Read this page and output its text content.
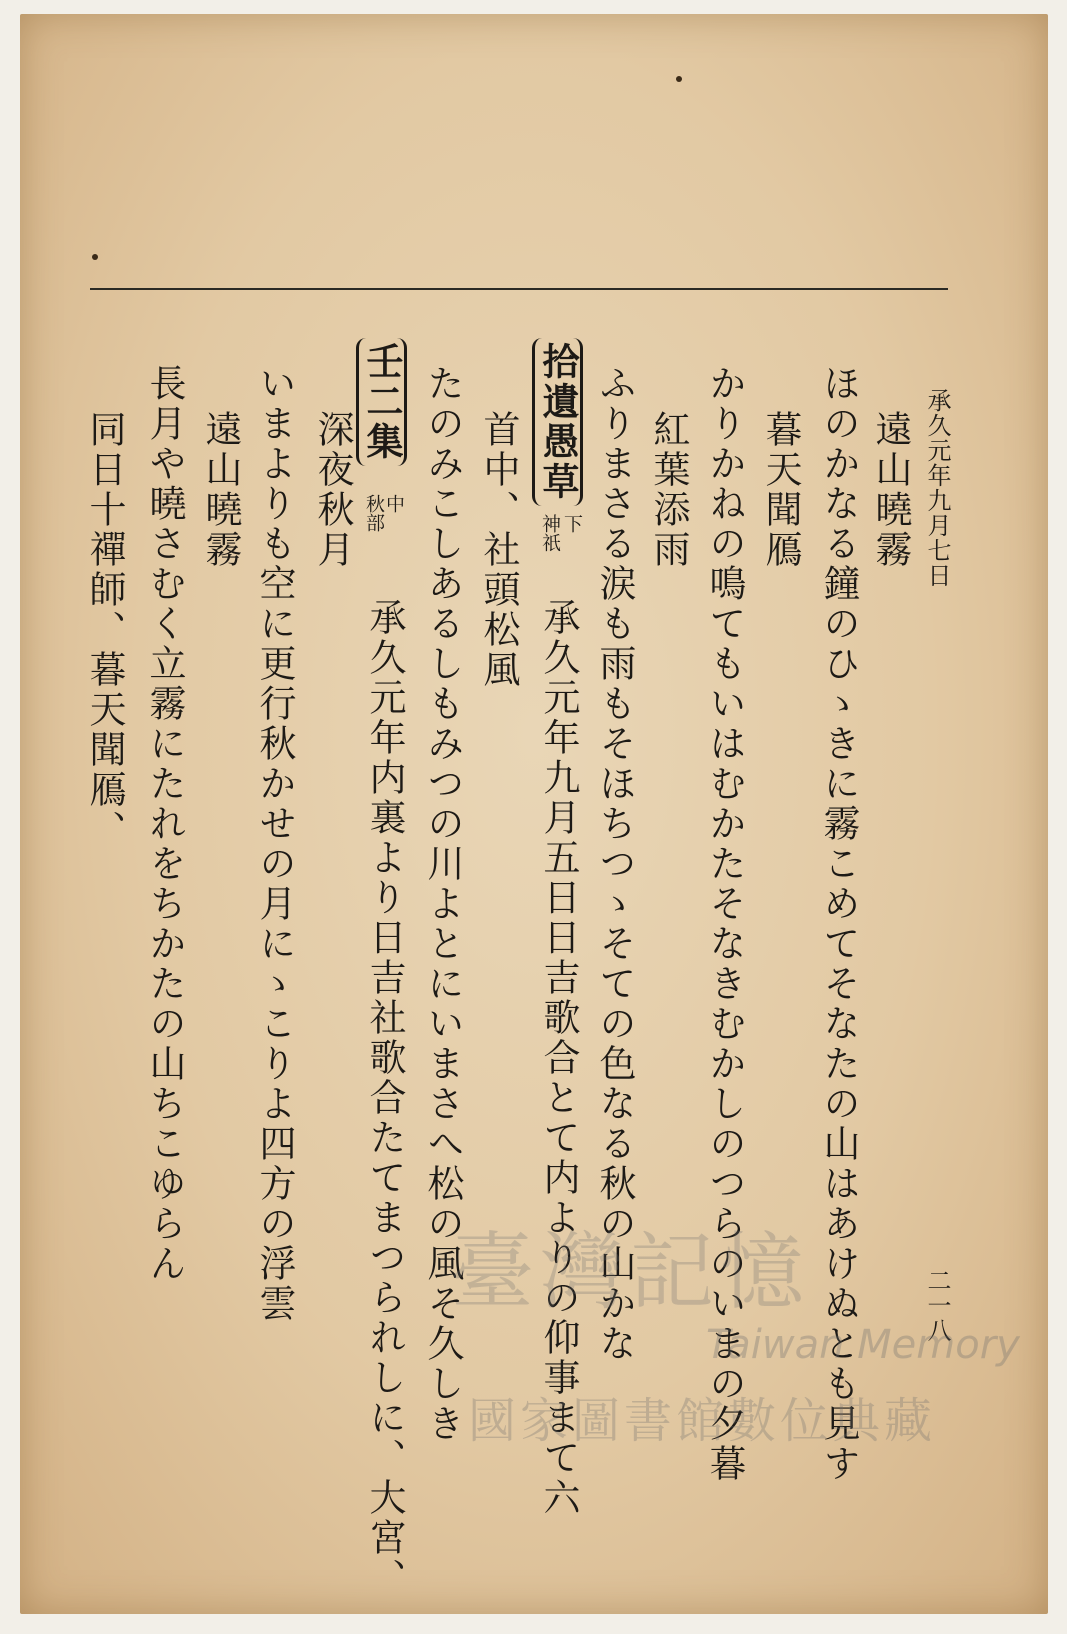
承久元年九月七日
二一八
遠山曉霧
ほのかなる鐘のひゝきに霧こめてそなたの山はあけぬとも見す
暮天聞鴈
かりかねの鳴てもいはむかたそなきむかしのつらのいまの夕暮
紅葉添雨
ふりまさる涙も雨もそほちつゝそての色なる秋の山かな
拾遺愚草
下
神祇
承久元年九月五日日吉歌合とて内よりの仰事まて六
首中、社頭松風
たのみこしあるしもみつの川よとにいまさへ松の風そ久しき
承久元年内裏より日吉社歌合たてまつられしに、大宮、
深夜秋月
壬二集
中
秋部
いまよりも空に更行秋かせの月にゝこりよ四方の浮雲
遠山曉霧
長月や曉さむく立霧にたれをちかたの山ちこゆらん
同日十禪師、暮天聞鴈、
臺灣記憶
Taiwan Memory
國家圖書館數位典藏
